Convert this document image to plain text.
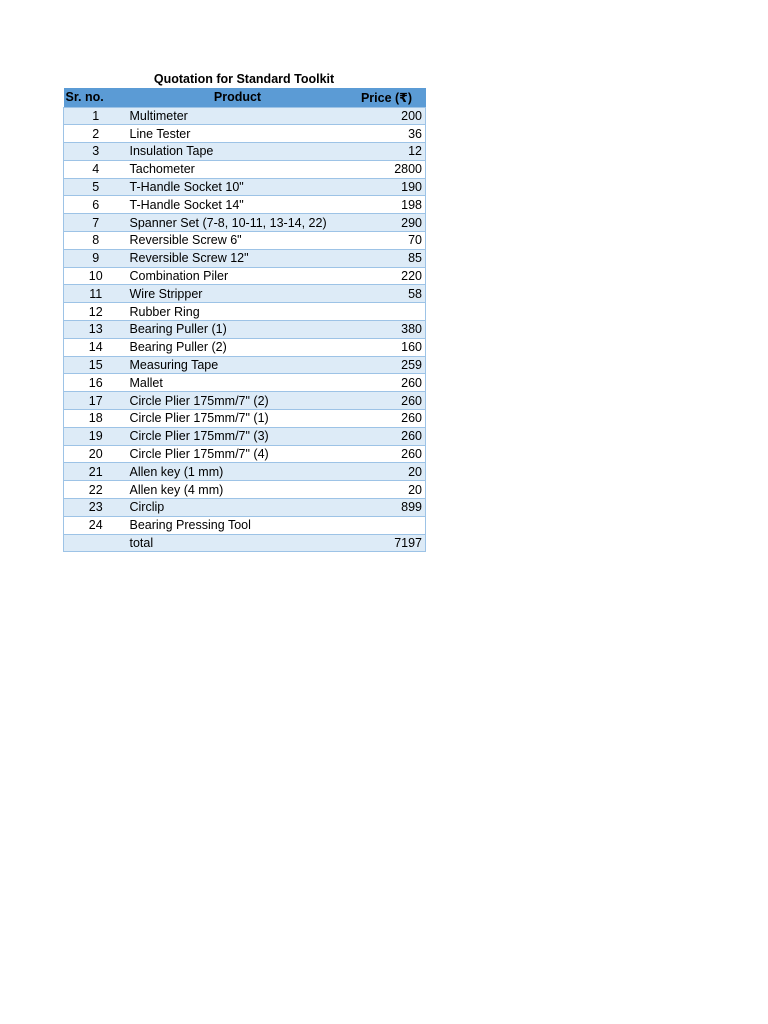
Quotation for Standard Toolkit
Sr. no.	Product	Price (₹)
1	Multimeter	200
2	Line Tester	36
3	Insulation Tape	12
4	Tachometer	2800
5	T-Handle Socket 10"	190
6	T-Handle Socket 14"	198
7	Spanner Set (7-8, 10-11, 13-14, 22)	290
8	Reversible Screw 6"	70
9	Reversible Screw 12"	85
10	Combination Piler	220
11	Wire Stripper	58
12	Rubber Ring	
13	Bearing Puller (1)	380
14	Bearing Puller (2)	160
15	Measuring Tape	259
16	Mallet	260
17	Circle Plier 175mm/7" (2)	260
18	Circle Plier 175mm/7" (1)	260
19	Circle Plier 175mm/7" (3)	260
20	Circle Plier 175mm/7" (4)	260
21	Allen key (1 mm)	20
22	Allen key (4 mm)	20
23	Circlip	899
24	Bearing Pressing Tool	
	total	7197
